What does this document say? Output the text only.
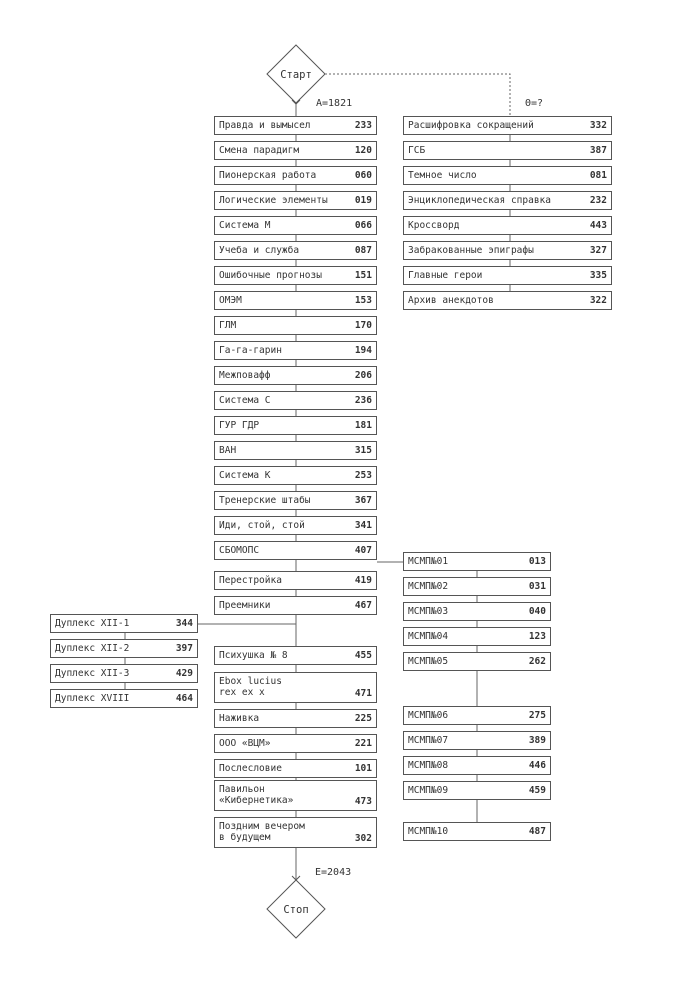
Старт
Стоп
A=1821
E=2043
Θ=?
Правда и вымысел	233
Смена парадигм	120
Пионерская работа	060
Логические элементы	019
Система М	066
Учеба и служба	087
Ошибочные прогнозы	151
ОМЭМ	153
ГЛМ	170
Га-га-гарин	194
Межповафф	206
Система С	236
ГУР ГДР	181
ВАН	315
Система К	253
Тренерские штабы	367
Иди, стой, стой	341
СБОМОПС	407
Перестройка	419
Преемники	467
Психушка № 8	455
Ebox lucius
rex ex x	471
Наживка	225
ООО «ВЦМ»	221
Послесловие	101
Павильон
«Кибернетика»	473
Поздним вечером
в будущем	302
Расшифровка сокращений	332
ГСБ	387
Темное число	081
Энциклопедическая справка	232
Кроссворд	443
Забракованные эпиграфы	327
Главные герои	335
Архив анекдотов	322
Дуплекс XII-1	344
Дуплекс XII-2	397
Дуплекс XII-3	429
Дуплекс XVIII	464
МСМП№01	013
МСМП№02	031
МСМП№03	040
МСМП№04	123
МСМП№05	262
МСМП№06	275
МСМП№07	389
МСМП№08	446
МСМП№09	459
МСМП№10	487
